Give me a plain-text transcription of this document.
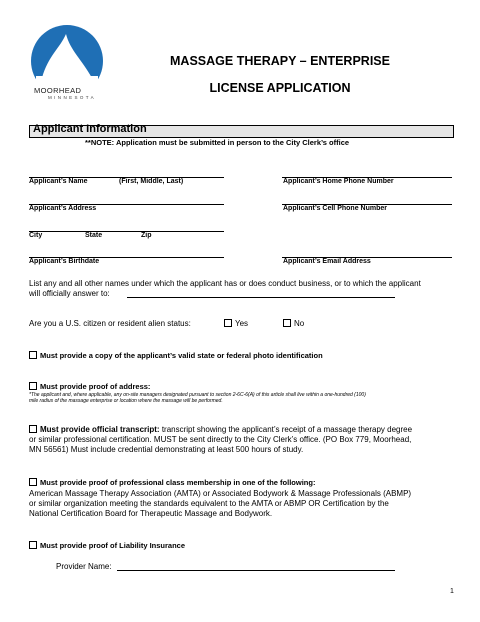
MOORHEAD
MINNESOTA
MASSAGE THERAPY – ENTERPRISE
LICENSE APPLICATION
Applicant Information
**NOTE: Application must be submitted in person to the City Clerk’s office
Applicant’s Name	(First, Middle, Last)	Applicant’s Home Phone Number
Applicant’s Address	Applicant’s Cell Phone Number
City	State	Zip
Applicant’s Birthdate	Applicant’s Email Address
List any and all other names under which the applicant has or does conduct business, or to which the applicant
will officially answer to:
Are you a U.S. citizen or resident alien status:	Yes	No
Must provide a copy of the applicant’s valid state or federal photo identification
Must provide proof of address:
*The applicant and, where applicable, any on-site managers designated pursuant to section 2-6C-6(A) of this article shall live within a one-hundred (100)
mile radius of the massage enterprise or location where the massage will be performed.
Must provide official transcript: transcript showing the applicant’s receipt of a massage therapy degree
or similar professional certification. MUST be sent directly to the City Clerk’s office. (PO Box 779, Moorhead,
MN 56561) Must include credential demonstrating at least 500 hours of study.
Must provide proof of professional class membership in one of the following:
American Massage Therapy Association (AMTA) or Associated Bodywork & Massage Professionals (ABMP)
or similar organization meeting the standards equivalent to the AMTA or ABMP OR Certification by the
National Certification Board for Therapeutic Massage and Bodywork.
Must provide proof of Liability Insurance
Provider Name:
1
